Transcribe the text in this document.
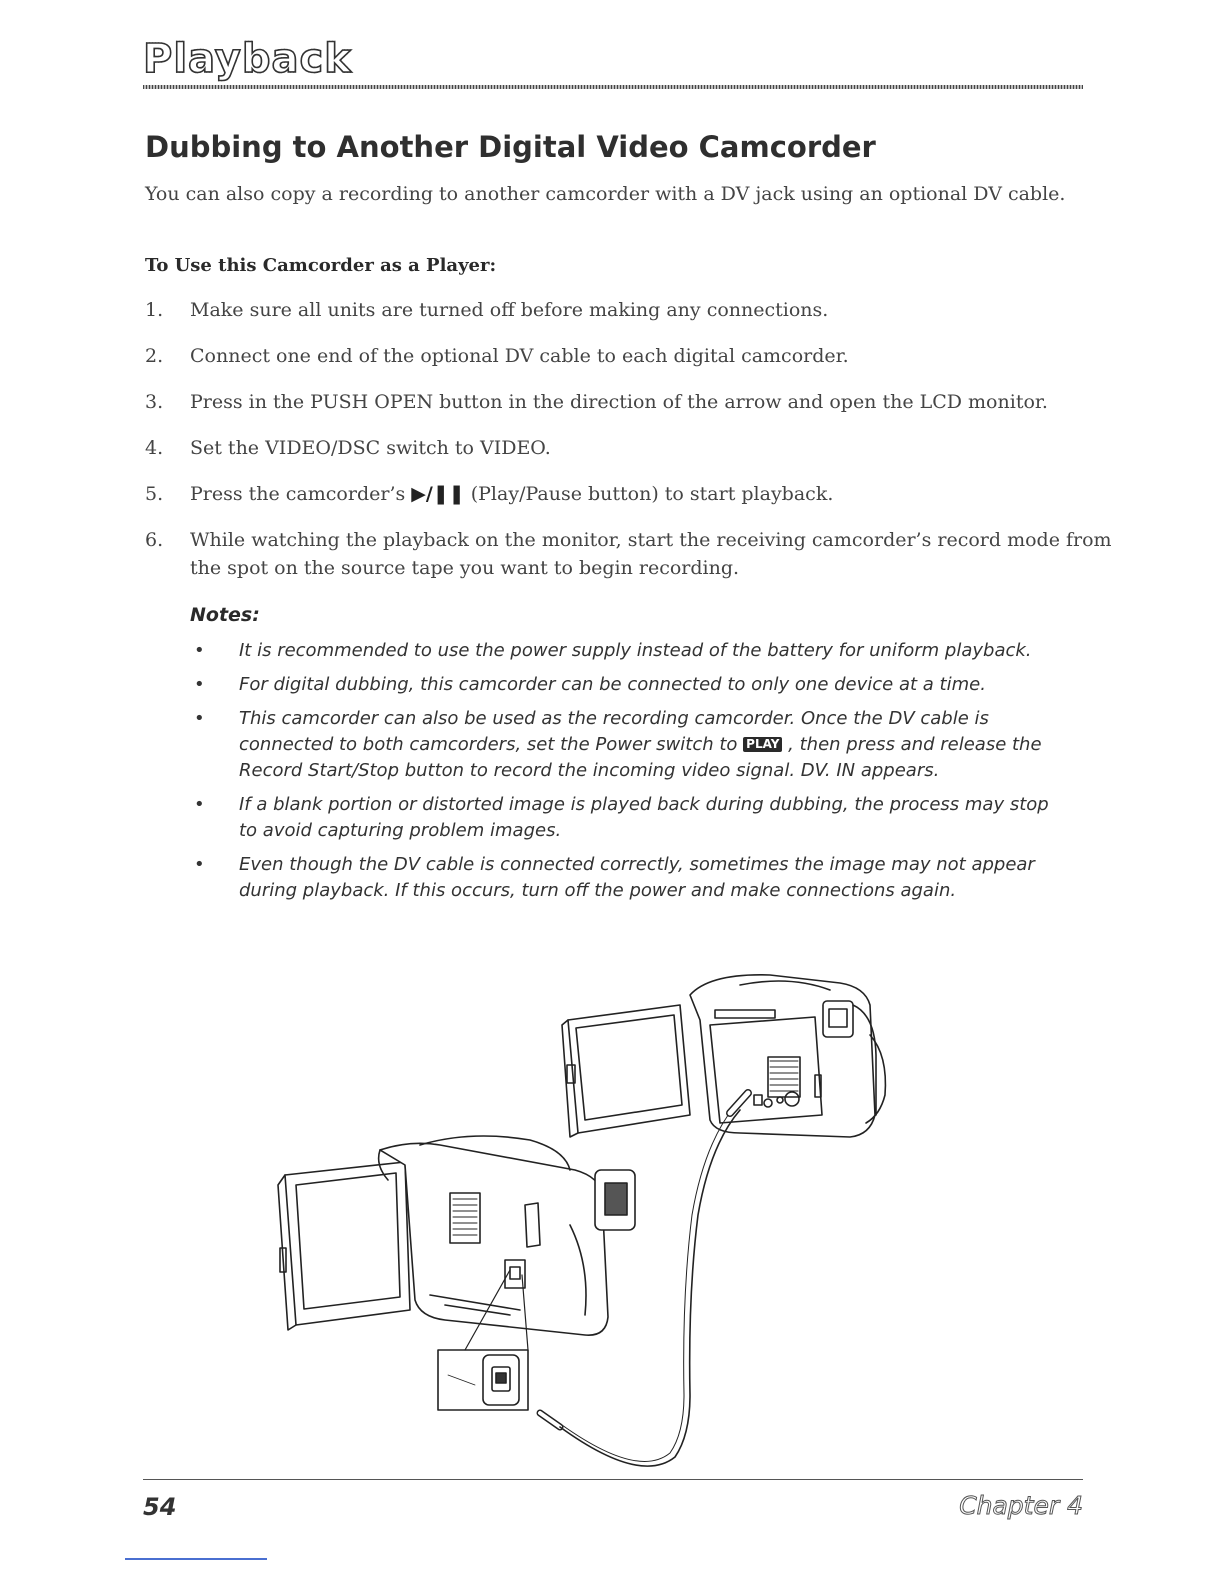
Playback
Dubbing to Another Digital Video Camcorder

You can also copy a recording to another camcorder with a DV jack using an optional DV cable.

To Use this Camcorder as a Player:
1. Make sure all units are turned off before making any connections.
2. Connect one end of the optional DV cable to each digital camcorder.
3. Press in the PUSH OPEN button in the direction of the arrow and open the LCD monitor.
4. Set the VIDEO/DSC switch to VIDEO.
5. Press the camcorder’s ▶/❚❚ (Play/Pause button) to start playback.
6. While watching the playback on the monitor, start the receiving camcorder’s record mode from the spot on the source tape you want to begin recording.
Notes:
• It is recommended to use the power supply instead of the battery for uniform playback.
• For digital dubbing, this camcorder can be connected to only one device at a time.
• This camcorder can also be used as the recording camcorder. Once the DV cable is connected to both camcorders, set the Power switch to PLAY , then press and release the Record Start/Stop button to record the incoming video signal. DV. IN appears.
• If a blank portion or distorted image is played back during dubbing, the process may stop to avoid capturing problem images.
• Even though the DV cable is connected correctly, sometimes the image may not appear during playback. If this occurs, turn off the power and make connections again.
54	Chapter 4
